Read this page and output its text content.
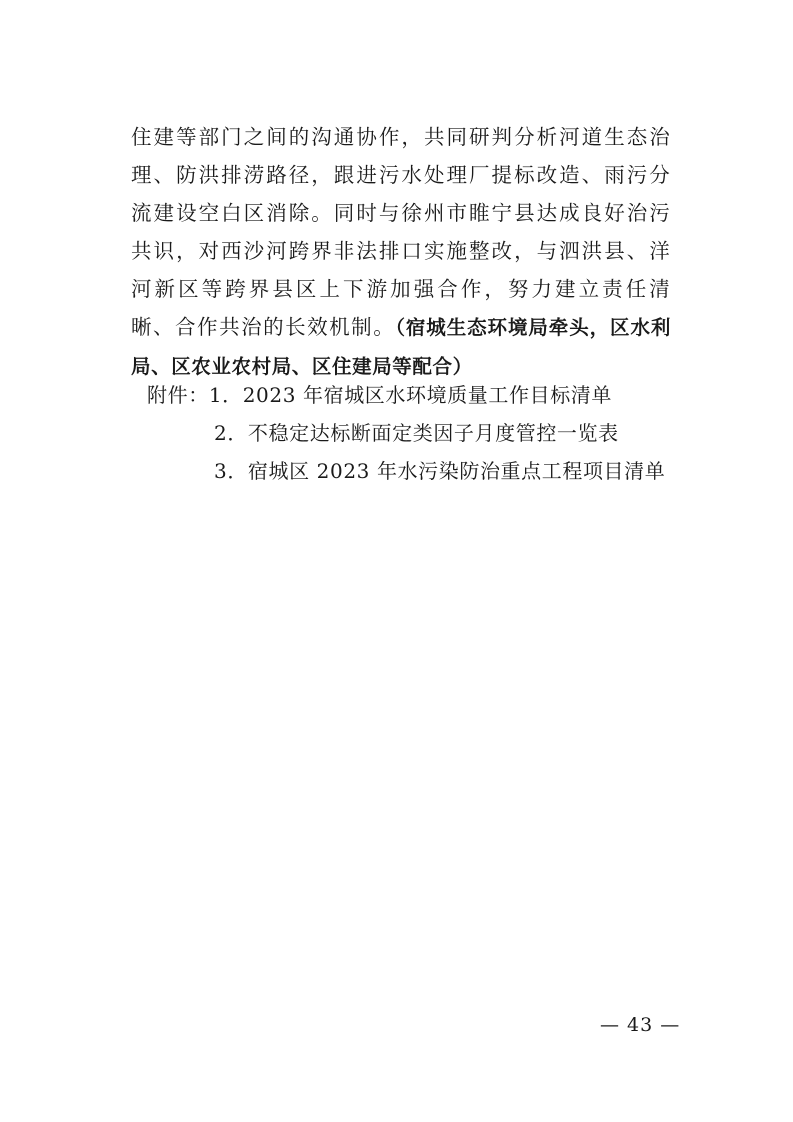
住建等部门之间的沟通协作，共同研判分析河道生态治理、防洪排涝路径，跟进污水处理厂提标改造、雨污分流建设空白区消除。同时与徐州市睢宁县达成良好治污共识，对西沙河跨界非法排口实施整改，与泗洪县、洋河新区等跨界县区上下游加强合作，努力建立责任清晰、合作共治的长效机制。（宿城生态环境局牵头，区水利局、区农业农村局、区住建局等配合）

附件：1．2023 年宿城区水环境质量工作目标清单
2．不稳定达标断面定类因子月度管控一览表
3．宿城区 2023 年水污染防治重点工程项目清单
— 43 —
